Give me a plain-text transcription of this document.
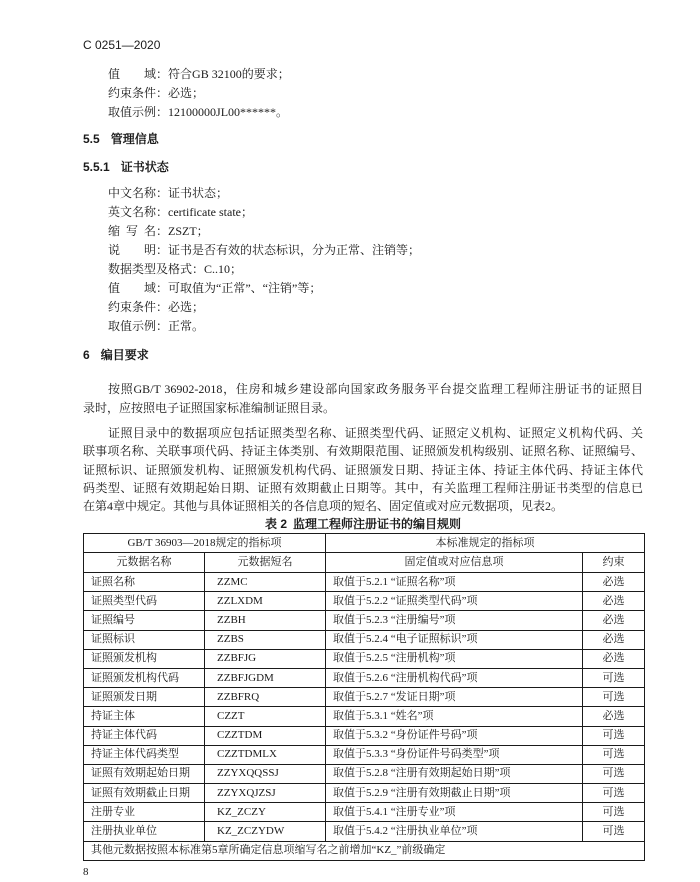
C 0251—2020
值　　域：符合GB 32100的要求；
约束条件：必选；
取值示例：12100000JL00******。
5.5 管理信息
5.5.1 证书状态
中文名称：证书状态；
英文名称：certificate state；
缩 写 名：ZSZT；
说　　明：证书是否有效的状态标识，分为正常、注销等；
数据类型及格式：C..10；
值　　域：可取值为“正常”、“注销”等；
约束条件：必选；
取值示例：正常。
6 编目要求
按照GB/T 36902-2018，住房和城乡建设部向国家政务服务平台提交监理工程师注册证书的证照目
录时，应按照电子证照国家标准编制证照目录。
证照目录中的数据项应包括证照类型名称、证照类型代码、证照定义机构、证照定义机构代码、关
联事项名称、关联事项代码、持证主体类别、有效期限范围、证照颁发机构级别、证照名称、证照编号、
证照标识、证照颁发机构、证照颁发机构代码、证照颁发日期、持证主体、持证主体代码、持证主体代
码类型、证照有效期起始日期、证照有效期截止日期等。其中，有关监理工程师注册证书类型的信息已
在第4章中规定。其他与具体证照相关的各信息项的短名、固定值或对应元数据项，见表2。
表 2 监理工程师注册证书的编目规则
GB/T 36903—2018规定的指标项		本标准规定的指标项	
元数据名称	元数据短名	固定值或对应信息项	约束
证照名称	ZZMC	取值于5.2.1 “证照名称”项	必选
证照类型代码	ZZLXDM	取值于5.2.2 “证照类型代码”项	必选
证照编号	ZZBH	取值于5.2.3 “注册编号”项	必选
证照标识	ZZBS	取值于5.2.4 “电子证照标识”项	必选
证照颁发机构	ZZBFJG	取值于5.2.5 “注册机构”项	必选
证照颁发机构代码	ZZBFJGDM	取值于5.2.6 “注册机构代码”项	可选
证照颁发日期	ZZBFRQ	取值于5.2.7 “发证日期”项	可选
持证主体	CZZT	取值于5.3.1 “姓名”项	必选
持证主体代码	CZZTDM	取值于5.3.2 “身份证件号码”项	可选
持证主体代码类型	CZZTDMLX	取值于5.3.3 “身份证件号码类型”项	可选
证照有效期起始日期	ZZYXQQSSJ	取值于5.2.8 “注册有效期起始日期”项	可选
证照有效期截止日期	ZZYXQJZSJ	取值于5.2.9 “注册有效期截止日期”项	可选
注册专业	KZ_ZCZY	取值于5.4.1 “注册专业”项	可选
注册执业单位	KZ_ZCZYDW	取值于5.4.2 “注册执业单位”项	可选
其他元数据按照本标准第5章所确定信息项缩写名之前增加“KZ_”前级确定			
8
